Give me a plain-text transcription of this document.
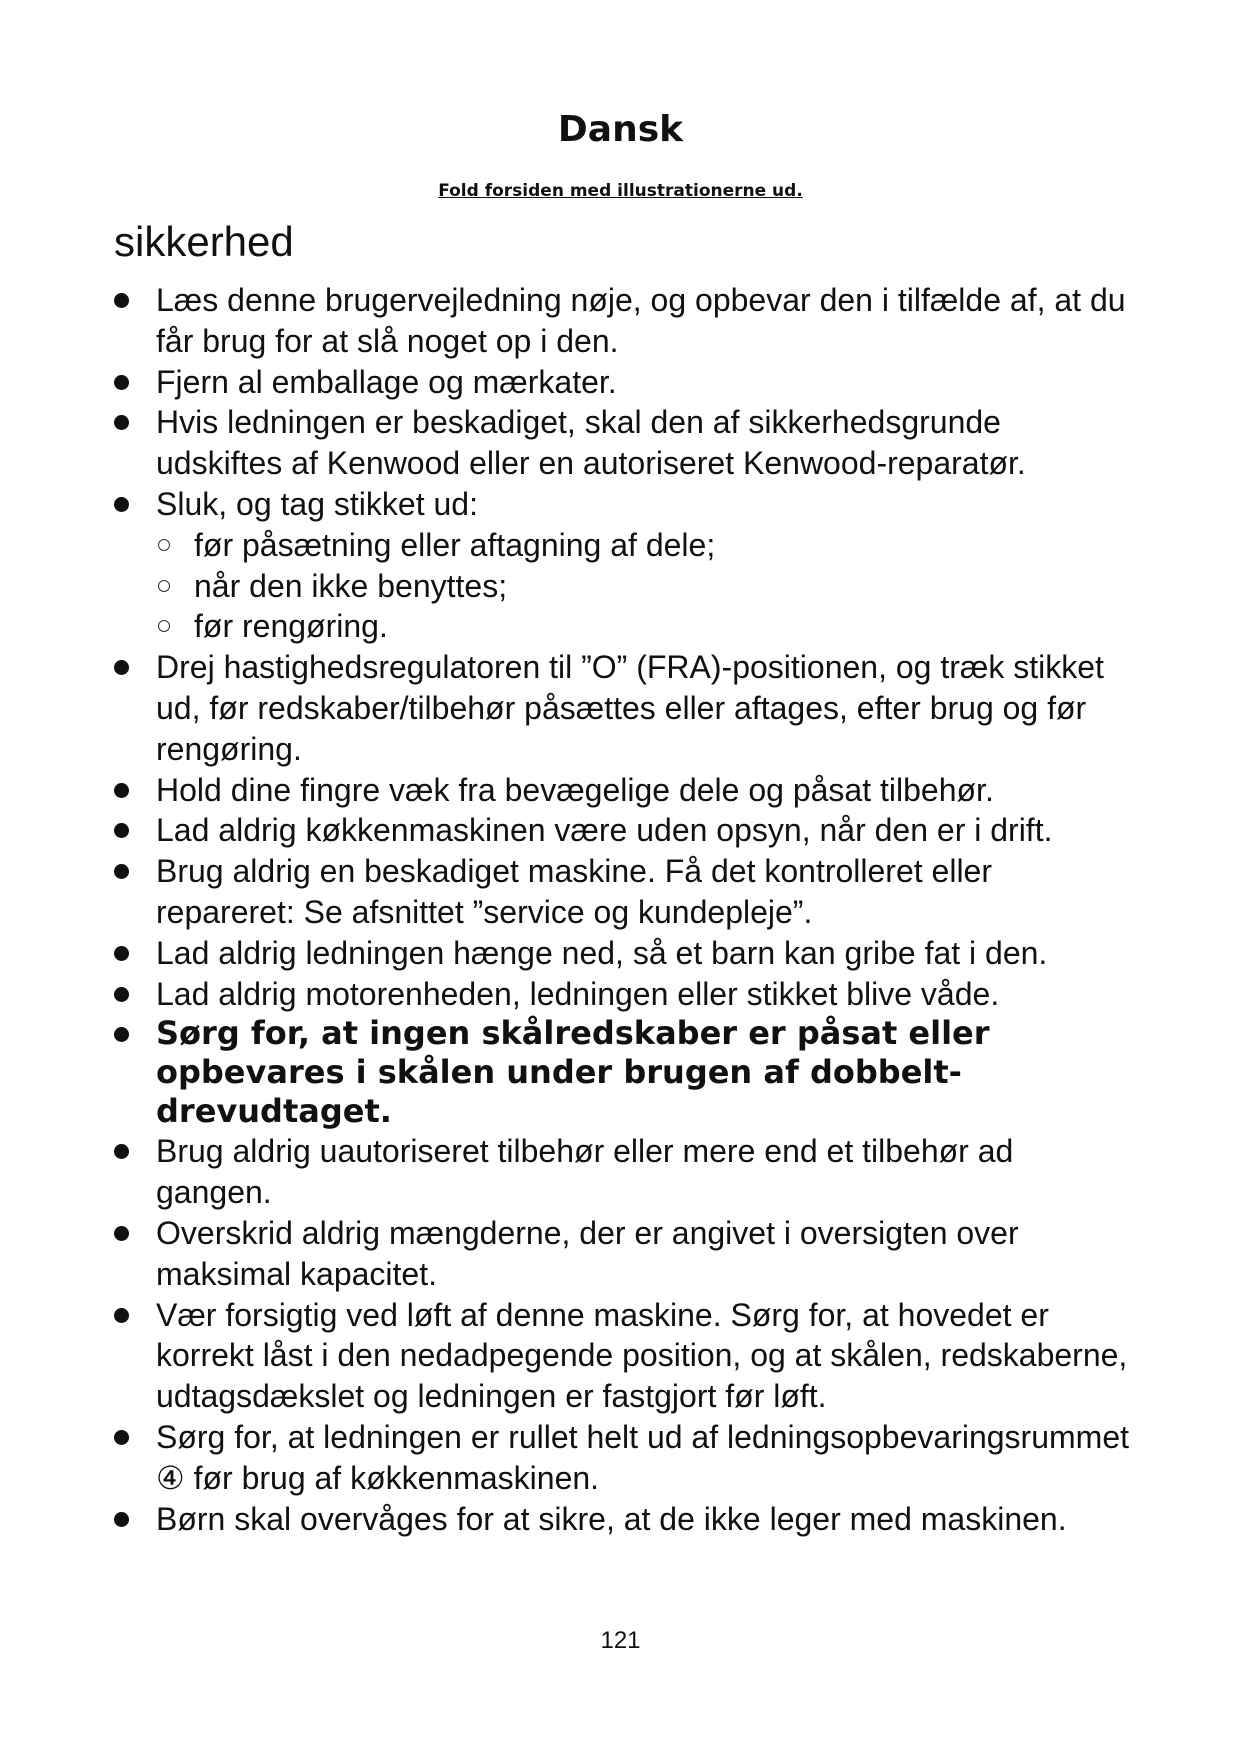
Dansk

Fold forsiden med illustrationerne ud.

sikkerhed
Læs denne brugervejledning nøje, og opbevar den i tilfælde af, at du får brug for at slå noget op i den.
Fjern al emballage og mærkater.
Hvis ledningen er beskadiget, skal den af sikkerhedsgrunde udskiftes af Kenwood eller en autoriseret Kenwood-reparatør.
Sluk, og tag stikket ud:
før påsætning eller aftagning af dele;
når den ikke benyttes;
før rengøring.
Drej hastighedsregulatoren til ”O” (FRA)-positionen, og træk stikket ud, før redskaber/tilbehør påsættes eller aftages, efter brug og før rengøring.
Hold dine fingre væk fra bevægelige dele og påsat tilbehør.
Lad aldrig køkkenmaskinen være uden opsyn, når den er i drift.
Brug aldrig en beskadiget maskine. Få det kontrolleret eller repareret: Se afsnittet ”service og kundepleje”.
Lad aldrig ledningen hænge ned, så et barn kan gribe fat i den.
Lad aldrig motorenheden, ledningen eller stikket blive våde.
Sørg for, at ingen skålredskaber er påsat eller opbevares i skålen under brugen af dobbelt-drevudtaget.
Brug aldrig uautoriseret tilbehør eller mere end et tilbehør ad gangen.
Overskrid aldrig mængderne, der er angivet i oversigten over maksimal kapacitet.
Vær forsigtig ved løft af denne maskine. Sørg for, at hovedet er korrekt låst i den nedadpegende position, og at skålen, redskaberne, udtagsdækslet og ledningen er fastgjort før løft.
Sørg for, at ledningen er rullet helt ud af ledningsopbevaringsrummet ④ før brug af køkkenmaskinen.
Børn skal overvåges for at sikre, at de ikke leger med maskinen.

121
